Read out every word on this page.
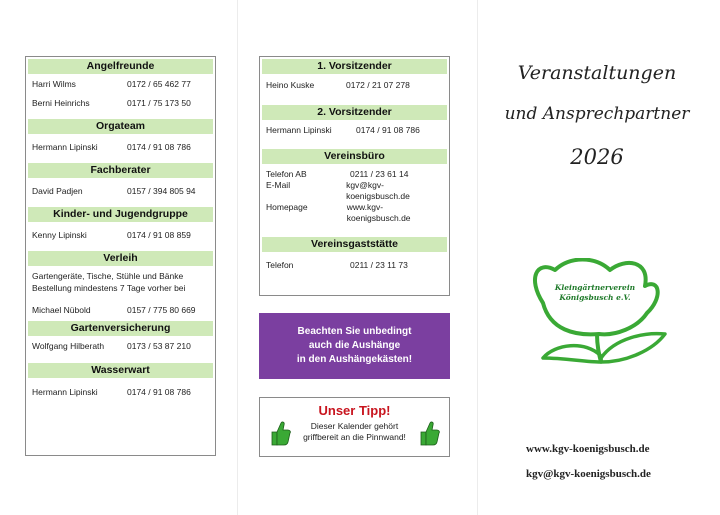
Angelfreunde
Harri Wilms	0172 / 65 462 77
Berni Heinrichs	0171 / 75 173 50
Orgateam
Hermann Lipinski	0174 / 91 08 786
Fachberater
David Padjen	0157 / 394 805 94
Kinder- und Jugendgruppe
Kenny Lipinski	0174 / 91 08 859
Verleih
Gartengeräte, Tische, Stühle und Bänke
Bestellung mindestens 7 Tage vorher bei
Michael Nübold	0157 / 775 80 669
Gartenversicherung
Wolfgang Hilberath	0173 / 53 87 210
Wasserwart
Hermann Lipinski	0174 / 91 08 786
1. Vorsitzender
Heino Kuske	0172 / 21 07 278
2. Vorsitzender
Hermann Lipinski	0174 / 91 08 786
Vereinsbüro
Telefon AB	0211 / 23 61 14
E-Mail	kgv@kgv-koenigsbusch.de
Homepage	www.kgv-koenigsbusch.de
Vereinsgaststätte
Telefon	0211 / 23 11 73
Beachten Sie unbedingt
auch die Aushänge
in den Aushängekästen!
Unser Tipp!
Dieser Kalender gehört
griffbereit an die Pinnwand!
Veranstaltungen
und Ansprechpartner
2026
Kleingärtnerverein
Königsbusch e.V.
www.kgv-koenigsbusch.de
kgv@kgv-koenigsbusch.de
